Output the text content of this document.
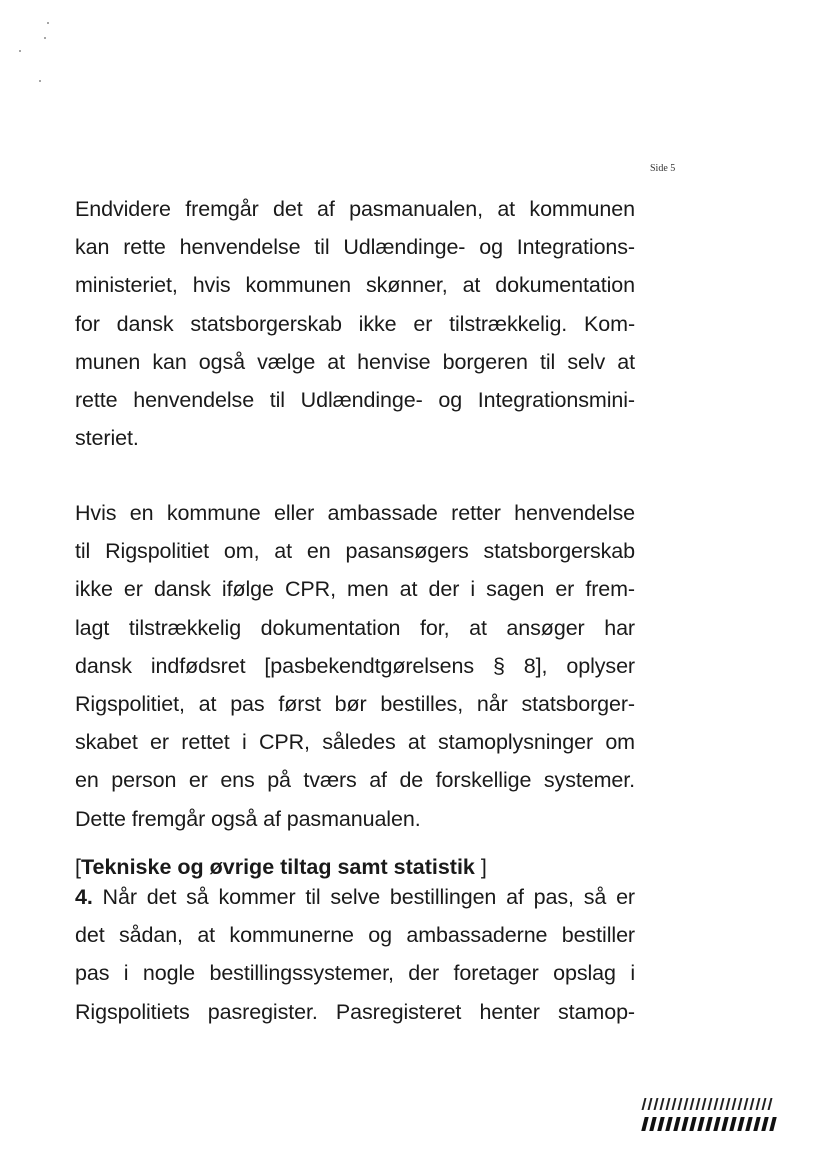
Side 5
Endvidere fremgår det af pasmanualen, at kommunen
kan rette henvendelse til Udlændinge- og Integrations-
ministeriet, hvis kommunen skønner, at dokumentation
for dansk statsborgerskab ikke er tilstrækkelig. Kom-
munen kan også vælge at henvise borgeren til selv at
rette henvendelse til Udlændinge- og Integrationsmini-
steriet.
Hvis en kommune eller ambassade retter henvendelse
til Rigspolitiet om, at en pasansøgers statsborgerskab
ikke er dansk ifølge CPR, men at der i sagen er frem-
lagt tilstrækkelig dokumentation for, at ansøger har
dansk indfødsret [pasbekendtgørelsens § 8], oplyser
Rigspolitiet, at pas først bør bestilles, når statsborger-
skabet er rettet i CPR, således at stamoplysninger om
en person er ens på tværs af de forskellige systemer.
Dette fremgår også af pasmanualen.
[Tekniske og øvrige tiltag samt statistik ]
4. Når det så kommer til selve bestillingen af pas, så er
det sådan, at kommunerne og ambassaderne bestiller
pas i nogle bestillingssystemer, der foretager opslag i
Rigspolitiets pasregister. Pasregisteret henter stamop-
